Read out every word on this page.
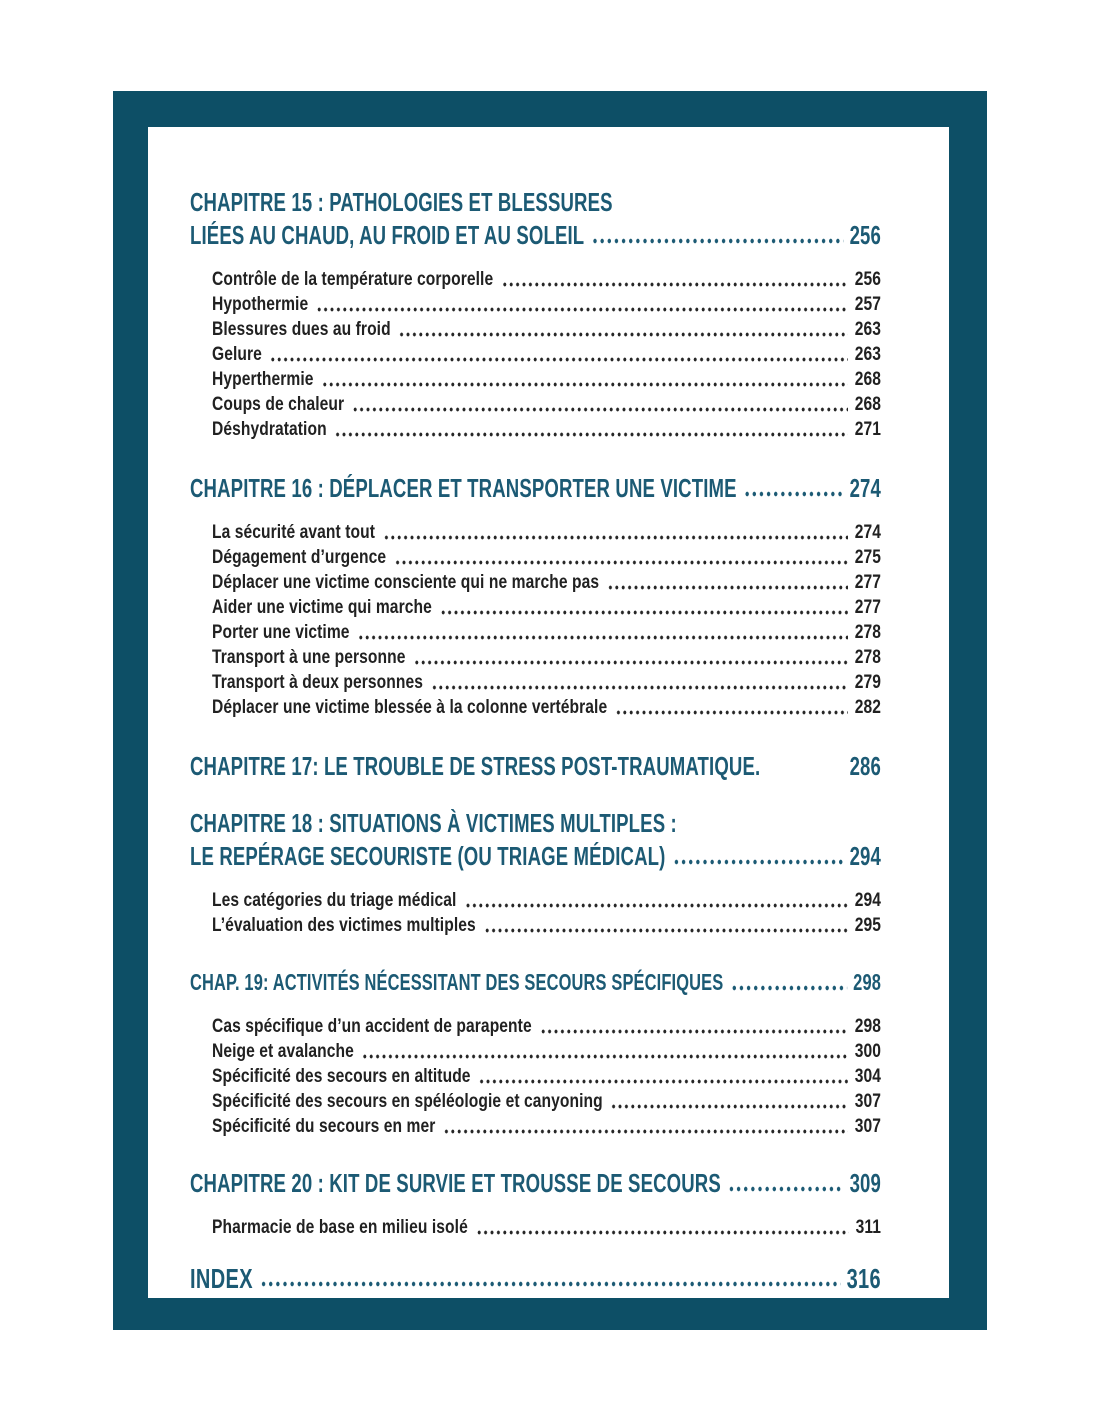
CHAPITRE 15 : PATHOLOGIES ET BLESSURES
LIÉES AU CHAUD, AU FROID ET AU SOLEIL	256
Contrôle de la température corporelle	256
Hypothermie	257
Blessures dues au froid	263
Gelure	263
Hyperthermie	268
Coups de chaleur	268
Déshydratation	271
CHAPITRE 16 : DÉPLACER ET TRANSPORTER UNE VICTIME	274
La sécurité avant tout	274
Dégagement d’urgence	275
Déplacer une victime consciente qui ne marche pas	277
Aider une victime qui marche	277
Porter une victime	278
Transport à une personne	278
Transport à deux personnes	279
Déplacer une victime blessée à la colonne vertébrale	282
CHAPITRE 17: LE TROUBLE DE STRESS POST-TRAUMATIQUE.	286
CHAPITRE 18 : SITUATIONS À VICTIMES MULTIPLES :
LE REPÉRAGE SECOURISTE (OU TRIAGE MÉDICAL)	294
Les catégories du triage médical	294
L’évaluation des victimes multiples	295
CHAP. 19: ACTIVITÉS NÉCESSITANT DES SECOURS SPÉCIFIQUES	298
Cas spécifique d’un accident de parapente	298
Neige et avalanche	300
Spécificité des secours en altitude	304
Spécificité des secours en spéléologie et canyoning	307
Spécificité du secours en mer	307
CHAPITRE 20 : KIT DE SURVIE ET TROUSSE DE SECOURS	309
Pharmacie de base en milieu isolé	311
INDEX	316
